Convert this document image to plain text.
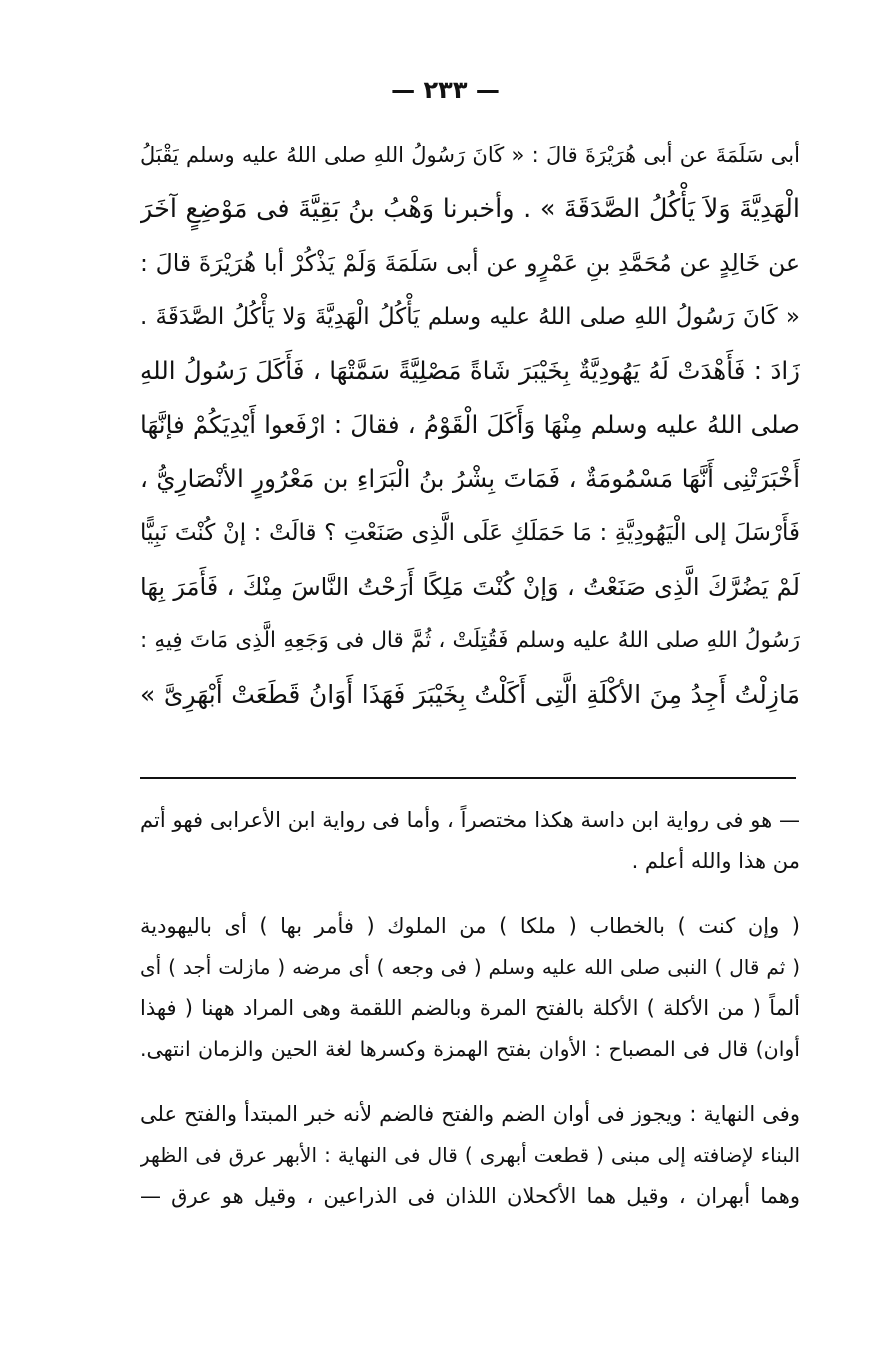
— ٢٣٣ —
أبى سَلَمَةَ عن أبى هُرَيْرَةَ قالَ : « كَانَ رَسُولُ اللهِ صلى اللهُ عليه وسلم يَقْبَلُ
الْهَدِيَّةَ وَلاَ يَأْكُلُ الصَّدَقَةَ » . وأخبرنا وَهْبُ بنُ بَقِيَّةَ فى مَوْضِعٍ آخَرَ
عن خَالِدٍ عن مُحَمَّدِ بنِ عَمْرٍو عن أبى سَلَمَةَ وَلَمْ يَذْكُرْ أبا هُرَيْرَةَ قالَ :
« كَانَ رَسُولُ اللهِ صلى اللهُ عليه وسلم يَأْكُلُ الْهَدِيَّةَ وَلا يَأْكُلُ الصَّدَقَةَ .
زَادَ : فَأَهْدَتْ لَهُ يَهُودِيَّةٌ بِخَيْبَرَ شَاةً مَصْلِيَّةً سَمَّتْهَا ، فَأَكَلَ رَسُولُ اللهِ
صلى اللهُ عليه وسلم مِنْهَا وَأَكَلَ الْقَوْمُ ، فقالَ : ارْفَعوا أَيْدِيَكُمْ فإنَّهَا
أَخْبَرَتْنِى أَنَّهَا مَسْمُومَةٌ ، فَمَاتَ بِشْرُ بنُ الْبَرَاءِ بن مَعْرُورٍ الأنْصَارِيُّ ،
فَأَرْسَلَ إلى الْيَهُودِيَّةِ : مَا حَمَلَكِ عَلَى الَّذِى صَنَعْتِ ؟ قالَتْ : إنْ كُنْتَ نَبِيًّا
لَمْ يَضُرَّكَ الَّذِى صَنَعْتُ ، وَإنْ كُنْتَ مَلِكًا أَرَحْتُ النَّاسَ مِنْكَ ، فَأَمَرَ بِهَا
رَسُولُ اللهِ صلى اللهُ عليه وسلم فَقُتِلَتْ ، ثُمَّ قال فى وَجَعِهِ الَّذِى مَاتَ فِيهِ :
مَازِلْتُ أَجِدُ مِنَ الأكْلَةِ الَّتِى أَكَلْتُ بِخَيْبَرَ فَهَذَا أَوَانُ قَطَعَتْ أَبْهَرِىَّ »
— هو فى رواية ابن داسة هكذا مختصراً ، وأما فى رواية ابن الأعرابى فهو أتم
من هذا والله أعلم .
( وإن كنت ) بالخطاب ( ملكا ) من الملوك ( فأمر بها ) أى باليهودية
( ثم قال ) النبى صلى الله عليه وسلم ( فى وجعه ) أى مرضه ( مازلت أجد ) أى
ألماً ( من الأكلة ) الأكلة بالفتح المرة وبالضم اللقمة وهى المراد ههنا ( فهذا
أوان) قال فى المصباح : الأوان بفتح الهمزة وكسرها لغة الحين والزمان انتهى.
وفى النهاية : ويجوز فى أوان الضم والفتح فالضم لأنه خبر المبتدأ والفتح على
البناء لإضافته إلى مبنى ( قطعت أبهرى ) قال فى النهاية : الأبهر عرق فى الظهر
وهما أبهران ، وقيل هما الأكحلان اللذان فى الذراعين ، وقيل هو عرق —
